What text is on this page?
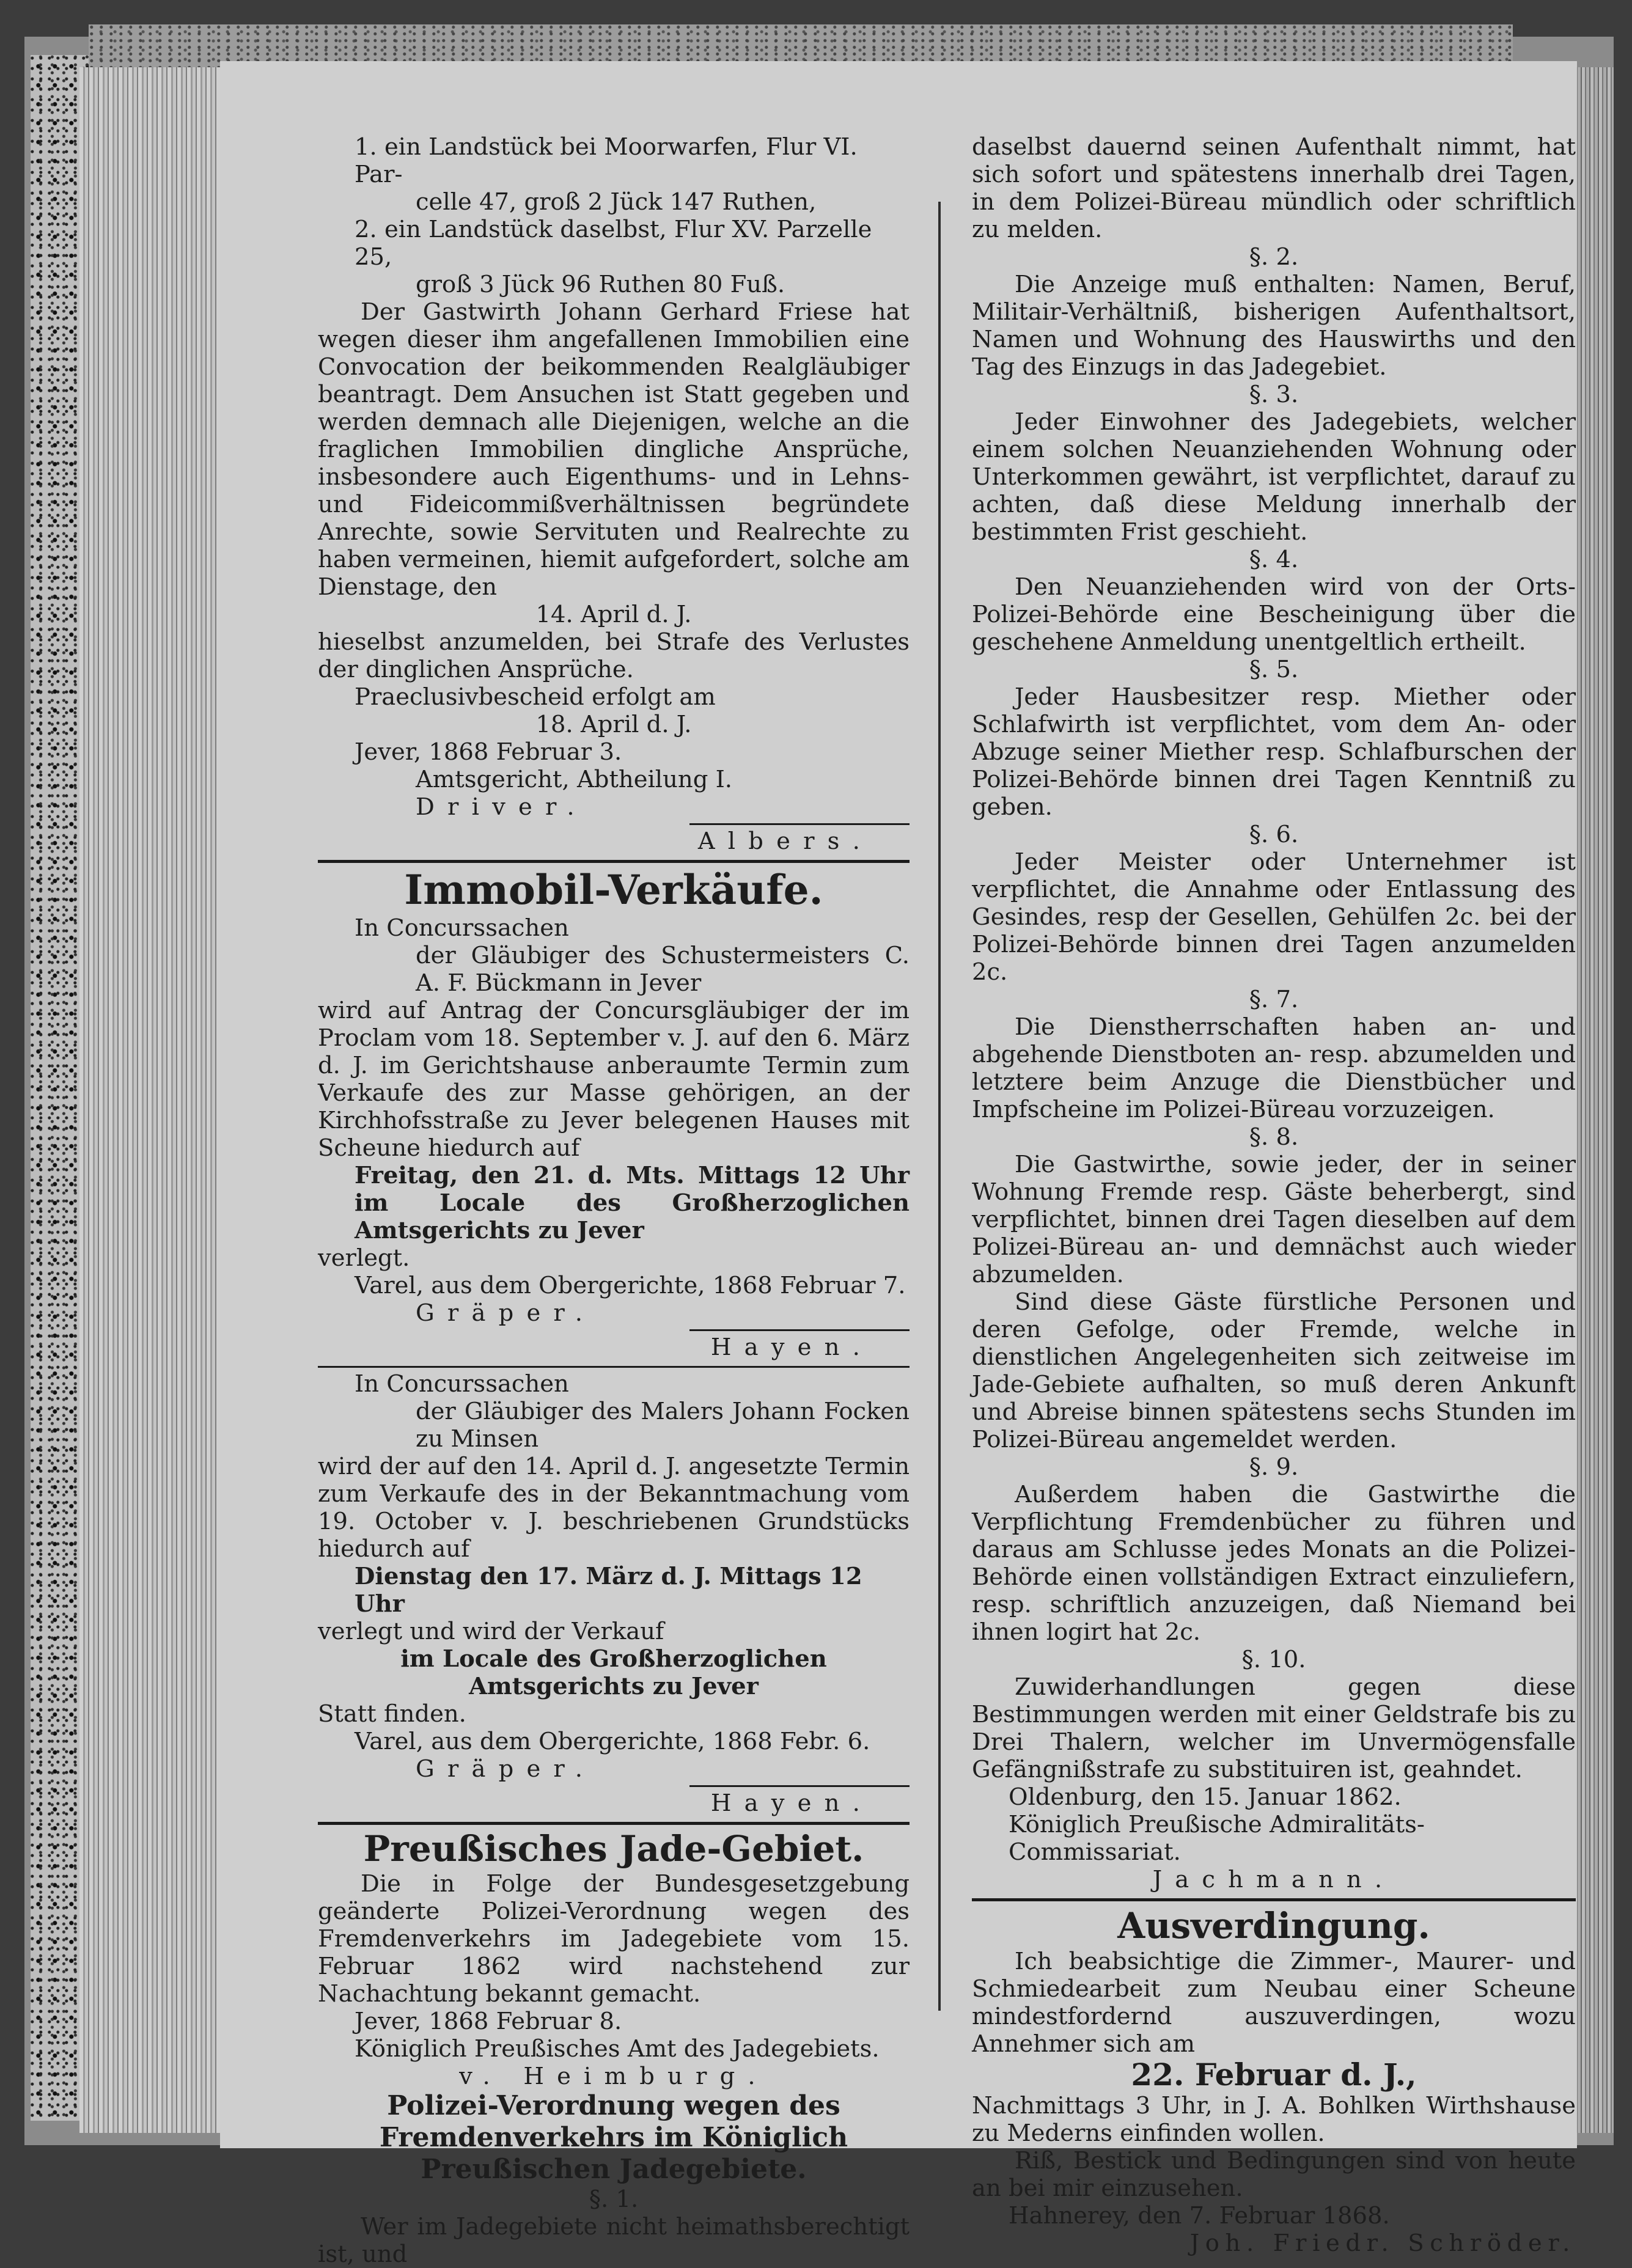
1. ein Landstück bei Moorwarfen, Flur VI. Par-

celle 47, groß 2 Jück 147 Ruthen,

2. ein Landstück daselbst, Flur XV. Parzelle 25,

groß 3 Jück 96 Ruthen 80 Fuß.

Der Gastwirth Johann Gerhard Friese hat wegen dieser ihm angefallenen Immobilien eine Convocation der beikommenden Realgläubiger beantragt. Dem Ansuchen ist Statt gegeben und werden demnach alle Diejenigen, welche an die fraglichen Immobilien dingliche Ansprüche, insbesondere auch Eigenthums- und in Lehns- und Fideicommißverhältnissen begründete Anrechte, sowie Servituten und Realrechte zu haben vermeinen, hiemit aufgefordert, solche am Dienstage, den

14. April d. J.

hieselbst anzumelden, bei Strafe des Verlustes der dinglichen Ansprüche.

Praeclusivbescheid erfolgt am

18. April d. J.

Jever, 1868 Februar 3.

Amtsgericht, Abtheilung I.

Driver.

Albers.

Immobil-Verkäufe.

In Concurssachen

der Gläubiger des Schustermeisters C. A. F. Bückmann in Jever

wird auf Antrag der Concursgläubiger der im Proclam vom 18. September v. J. auf den 6. März d. J. im Gerichtshause anberaumte Termin zum Verkaufe des zur Masse gehörigen, an der Kirchhofsstraße zu Jever belegenen Hauses mit Scheune hiedurch auf

Freitag, den 21. d. Mts. Mittags 12 Uhr im Locale des Großherzoglichen Amtsgerichts zu Jever

verlegt.

Varel, aus dem Obergerichte, 1868 Februar 7.

Gräper.

Hayen.

In Concurssachen

der Gläubiger des Malers Johann Focken zu Minsen

wird der auf den 14. April d. J. angesetzte Termin zum Verkaufe des in der Bekanntmachung vom 19. October v. J. beschriebenen Grundstücks hiedurch auf

Dienstag den 17. März d. J. Mittags 12 Uhr

verlegt und wird der Verkauf

im Locale des Großherzoglichen Amtsgerichts zu Jever

Statt finden.

Varel, aus dem Obergerichte, 1868 Febr. 6.

Gräper.

Hayen.

Preußisches Jade-Gebiet.

Die in Folge der Bundesgesetzgebung geänderte Polizei-Verordnung wegen des Fremdenverkehrs im Jadegebiete vom 15. Februar 1862 wird nachstehend zur Nachachtung bekannt gemacht.

Jever, 1868 Februar 8.

Königlich Preußisches Amt des Jadegebiets.

v. Heimburg.

Polizei-Verordnung wegen des Fremdenverkehrs im Königlich Preußischen Jadegebiete.

§. 1.

Wer im Jadegebiete nicht heimathsberechtigt ist, und

daselbst dauernd seinen Aufenthalt nimmt, hat sich sofort und spätestens innerhalb drei Tagen, in dem Polizei-Büreau mündlich oder schriftlich zu melden.

§. 2.

Die Anzeige muß enthalten: Namen, Beruf, Militair-Verhältniß, bisherigen Aufenthaltsort, Namen und Wohnung des Hauswirths und den Tag des Einzugs in das Jadegebiet.

§. 3.

Jeder Einwohner des Jadegebiets, welcher einem solchen Neuanziehenden Wohnung oder Unterkommen gewährt, ist verpflichtet, darauf zu achten, daß diese Meldung innerhalb der bestimmten Frist geschieht.

§. 4.

Den Neuanziehenden wird von der Orts-Polizei-Behörde eine Bescheinigung über die geschehene Anmeldung unentgeltlich ertheilt.

§. 5.

Jeder Hausbesitzer resp. Miether oder Schlafwirth ist verpflichtet, vom dem An- oder Abzuge seiner Miether resp. Schlafburschen der Polizei-Behörde binnen drei Tagen Kenntniß zu geben.

§. 6.

Jeder Meister oder Unternehmer ist verpflichtet, die Annahme oder Entlassung des Gesindes, resp der Gesellen, Gehülfen 2c. bei der Polizei-Behörde binnen drei Tagen anzumelden 2c.

§. 7.

Die Dienstherrschaften haben an- und abgehende Dienstboten an- resp. abzumelden und letztere beim Anzuge die Dienstbücher und Impfscheine im Polizei-Büreau vorzuzeigen.

§. 8.

Die Gastwirthe, sowie jeder, der in seiner Wohnung Fremde resp. Gäste beherbergt, sind verpflichtet, binnen drei Tagen dieselben auf dem Polizei-Büreau an- und demnächst auch wieder abzumelden.

Sind diese Gäste fürstliche Personen und deren Gefolge, oder Fremde, welche in dienstlichen Angelegenheiten sich zeitweise im Jade-Gebiete aufhalten, so muß deren Ankunft und Abreise binnen spätestens sechs Stunden im Polizei-Büreau angemeldet werden.

§. 9.

Außerdem haben die Gastwirthe die Verpflichtung Fremdenbücher zu führen und daraus am Schlusse jedes Monats an die Polizei-Behörde einen vollständigen Extract einzuliefern, resp. schriftlich anzuzeigen, daß Niemand bei ihnen logirt hat 2c.

§. 10.

Zuwiderhandlungen gegen diese Bestimmungen werden mit einer Geldstrafe bis zu Drei Thalern, welcher im Unvermögensfalle Gefängnißstrafe zu substituiren ist, geahndet.

Oldenburg, den 15. Januar 1862.

Königlich Preußische Admiralitäts-Commissariat.

Jachmann.

Ausverdingung.

Ich beabsichtige die Zimmer-, Maurer- und Schmiedearbeit zum Neubau einer Scheune mindestfordernd auszuverdingen, wozu Annehmer sich am

22. Februar d. J.,

Nachmittags 3 Uhr, in J. A. Bohlken Wirthshause zu Mederns einfinden wollen.

Riß, Bestick und Bedingungen sind von heute an bei mir einzusehen.

Hahnerey, den 7. Februar 1868.

Joh. Friedr. Schröder.
